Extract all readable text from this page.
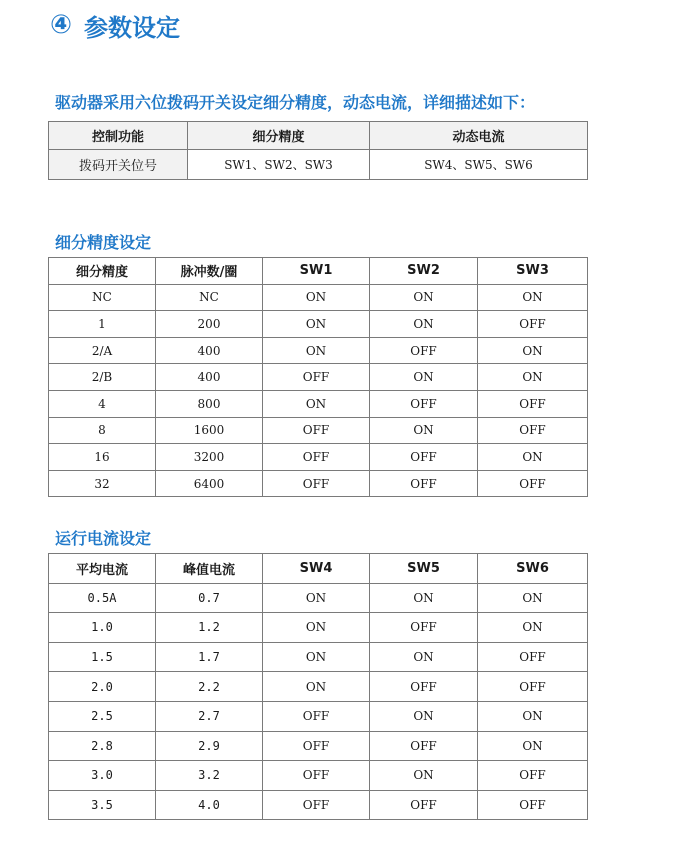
④ 参数设定
驱动器采用六位拨码开关设定细分精度，动态电流，详细描述如下：
控制功能	细分精度	动态电流
拨码开关位号	SW1、SW2、SW3	SW4、SW5、SW6
细分精度设定
细分精度	脉冲数/圈	SW1	SW2	SW3
NC	NC	ON	ON	ON
1	200	ON	ON	OFF
2/A	400	ON	OFF	ON
2/B	400	OFF	ON	ON
4	800	ON	OFF	OFF
8	1600	OFF	ON	OFF
16	3200	OFF	OFF	ON
32	6400	OFF	OFF	OFF
运行电流设定
平均电流	峰值电流	SW4	SW5	SW6
0.5A	0.7	ON	ON	ON
1.0	1.2	ON	OFF	ON
1.5	1.7	ON	ON	OFF
2.0	2.2	ON	OFF	OFF
2.5	2.7	OFF	ON	ON
2.8	2.9	OFF	OFF	ON
3.0	3.2	OFF	ON	OFF
3.5	4.0	OFF	OFF	OFF
